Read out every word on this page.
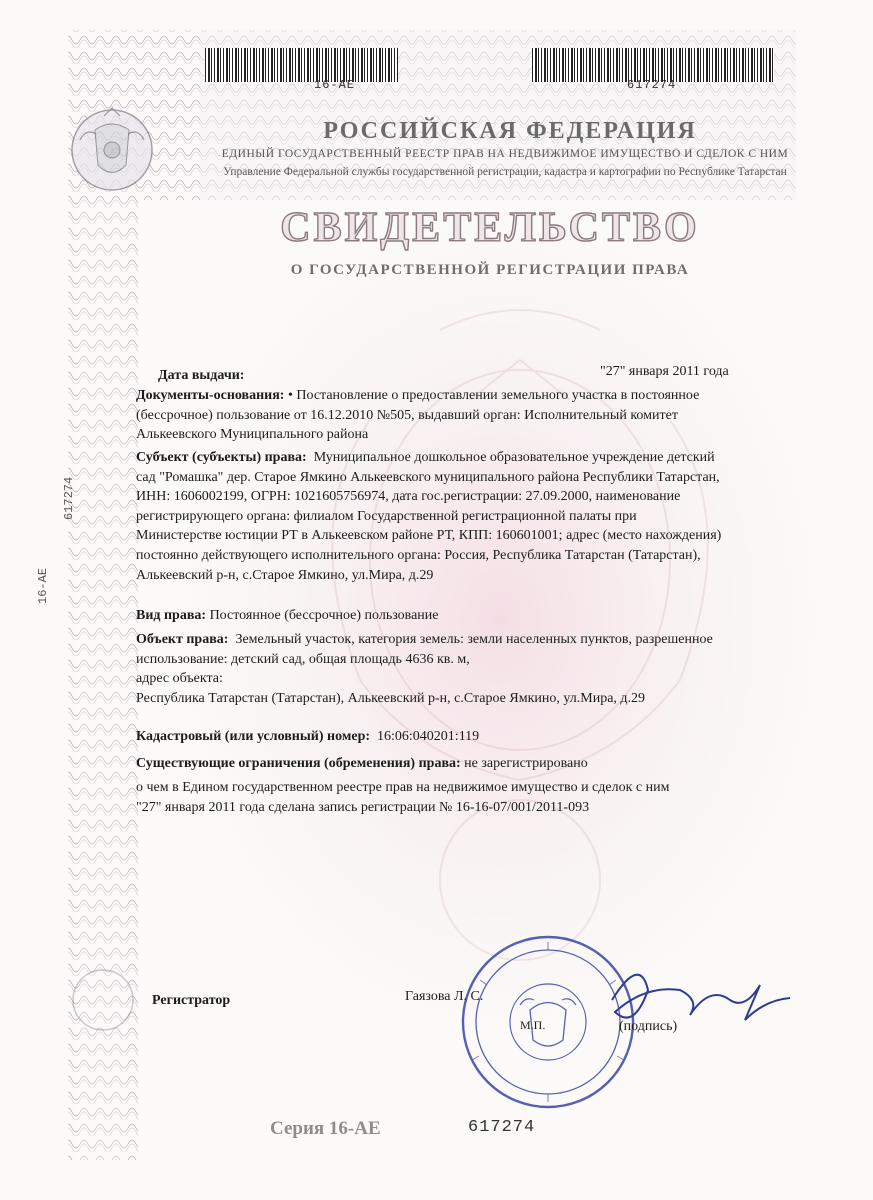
16-AE	617274
РОССИЙСКАЯ ФЕДЕРАЦИЯ
ЕДИНЫЙ ГОСУДАРСТВЕННЫЙ РЕЕСТР ПРАВ НА НЕДВИЖИМОЕ ИМУЩЕСТВО И СДЕЛОК С НИМ
Управление Федеральной службы государственной регистрации, кадастра и картографии по Республике Татарстан
СВИДЕТЕЛЬСТВО
О ГОСУДАРСТВЕННОЙ РЕГИСТРАЦИИ ПРАВА
617274
16-AE
Дата выдачи:	"27" января 2011 года
Документы-основания: • Постановление о предоставлении земельного участка в постоянное
(бессрочное) пользование от 16.12.2010 №505, выдавший орган: Исполнительный комитет
Алькеевского Муниципального района
Субъект (субъекты) права: Муниципальное дошкольное образовательное учреждение детский
сад "Ромашка" дер. Старое Ямкино Алькеевского муниципального района Республики Татарстан,
ИНН: 1606002199, ОГРН: 1021605756974, дата гос.регистрации: 27.09.2000, наименование
регистрирующего органа: филиалом Государственной регистрационной палаты при
Министерстве юстиции РТ в Алькеевском районе РТ, КПП: 160601001; адрес (место нахождения)
постоянно действующего исполнительного органа: Россия, Республика Татарстан (Татарстан),
Алькеевский р-н, с.Старое Ямкино, ул.Мира, д.29
Вид права: Постоянное (бессрочное) пользование
Объект права: Земельный участок, категория земель: земли населенных пунктов, разрешенное
использование: детский сад, общая площадь 4636 кв. м,
адрес объекта:
Республика Татарстан (Татарстан), Алькеевский р-н, с.Старое Ямкино, ул.Мира, д.29
Кадастровый (или условный) номер: 16:06:040201:119
Существующие ограничения (обременения) права: не зарегистрировано
о чем в Едином государственном реестре прав на недвижимое имущество и сделок с ним
"27" января 2011 года сделана запись регистрации № 16-16-07/001/2011-093
Регистратор	Гаязова Л. С.
М.П.	(подпись)
Серия 16-АЕ	617274
